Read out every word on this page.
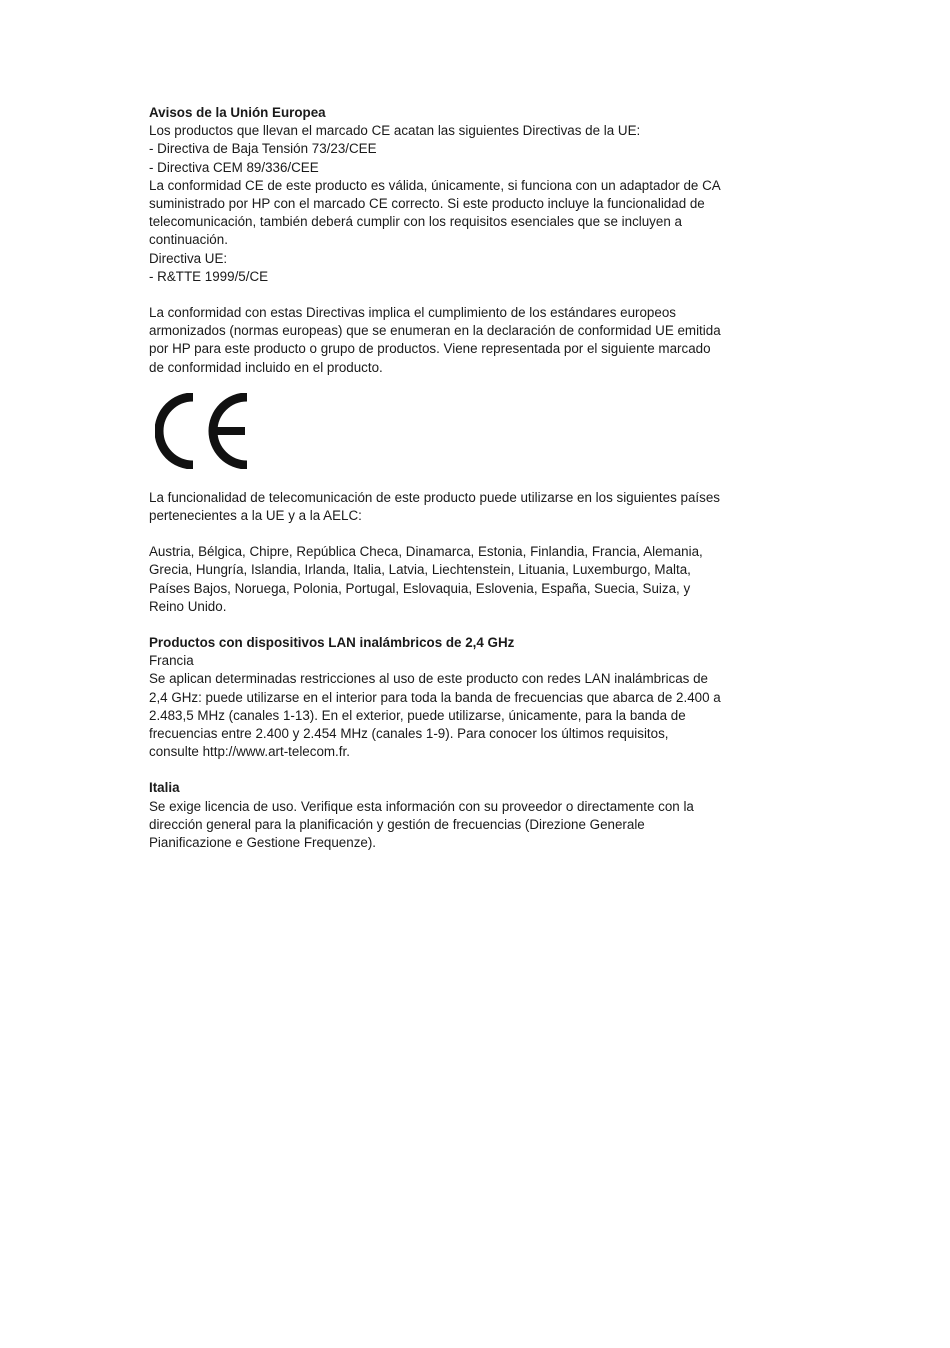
Avisos de la Unión Europea
Los productos que llevan el marcado CE acatan las siguientes Directivas de la UE:
- Directiva de Baja Tensión 73/23/CEE
- Directiva CEM 89/336/CEE
La conformidad CE de este producto es válida, únicamente, si funciona con un adaptador de CA
suministrado por HP con el marcado CE correcto. Si este producto incluye la funcionalidad de
telecomunicación, también deberá cumplir con los requisitos esenciales que se incluyen a
continuación.
Directiva UE:
- R&TTE 1999/5/CE
La conformidad con estas Directivas implica el cumplimiento de los estándares europeos
armonizados (normas europeas) que se enumeran en la declaración de conformidad UE emitida
por HP para este producto o grupo de productos. Viene representada por el siguiente marcado
de conformidad incluido en el producto.
La funcionalidad de telecomunicación de este producto puede utilizarse en los siguientes países
pertenecientes a la UE y a la AELC:
Austria, Bélgica, Chipre, República Checa, Dinamarca, Estonia, Finlandia, Francia, Alemania,
Grecia, Hungría, Islandia, Irlanda, Italia, Latvia, Liechtenstein, Lituania, Luxemburgo, Malta,
Países Bajos, Noruega, Polonia, Portugal, Eslovaquia, Eslovenia, España, Suecia, Suiza, y
Reino Unido.
Productos con dispositivos LAN inalámbricos de 2,4 GHz
Francia
Se aplican determinadas restricciones al uso de este producto con redes LAN inalámbricas de
2,4 GHz: puede utilizarse en el interior para toda la banda de frecuencias que abarca de 2.400 a
2.483,5 MHz (canales 1-13). En el exterior, puede utilizarse, únicamente, para la banda de
frecuencias entre 2.400 y 2.454 MHz (canales 1-9). Para conocer los últimos requisitos,
consulte http://www.art-telecom.fr.
Italia
Se exige licencia de uso. Verifique esta información con su proveedor o directamente con la
dirección general para la planificación y gestión de frecuencias (Direzione Generale
Pianificazione e Gestione Frequenze).
